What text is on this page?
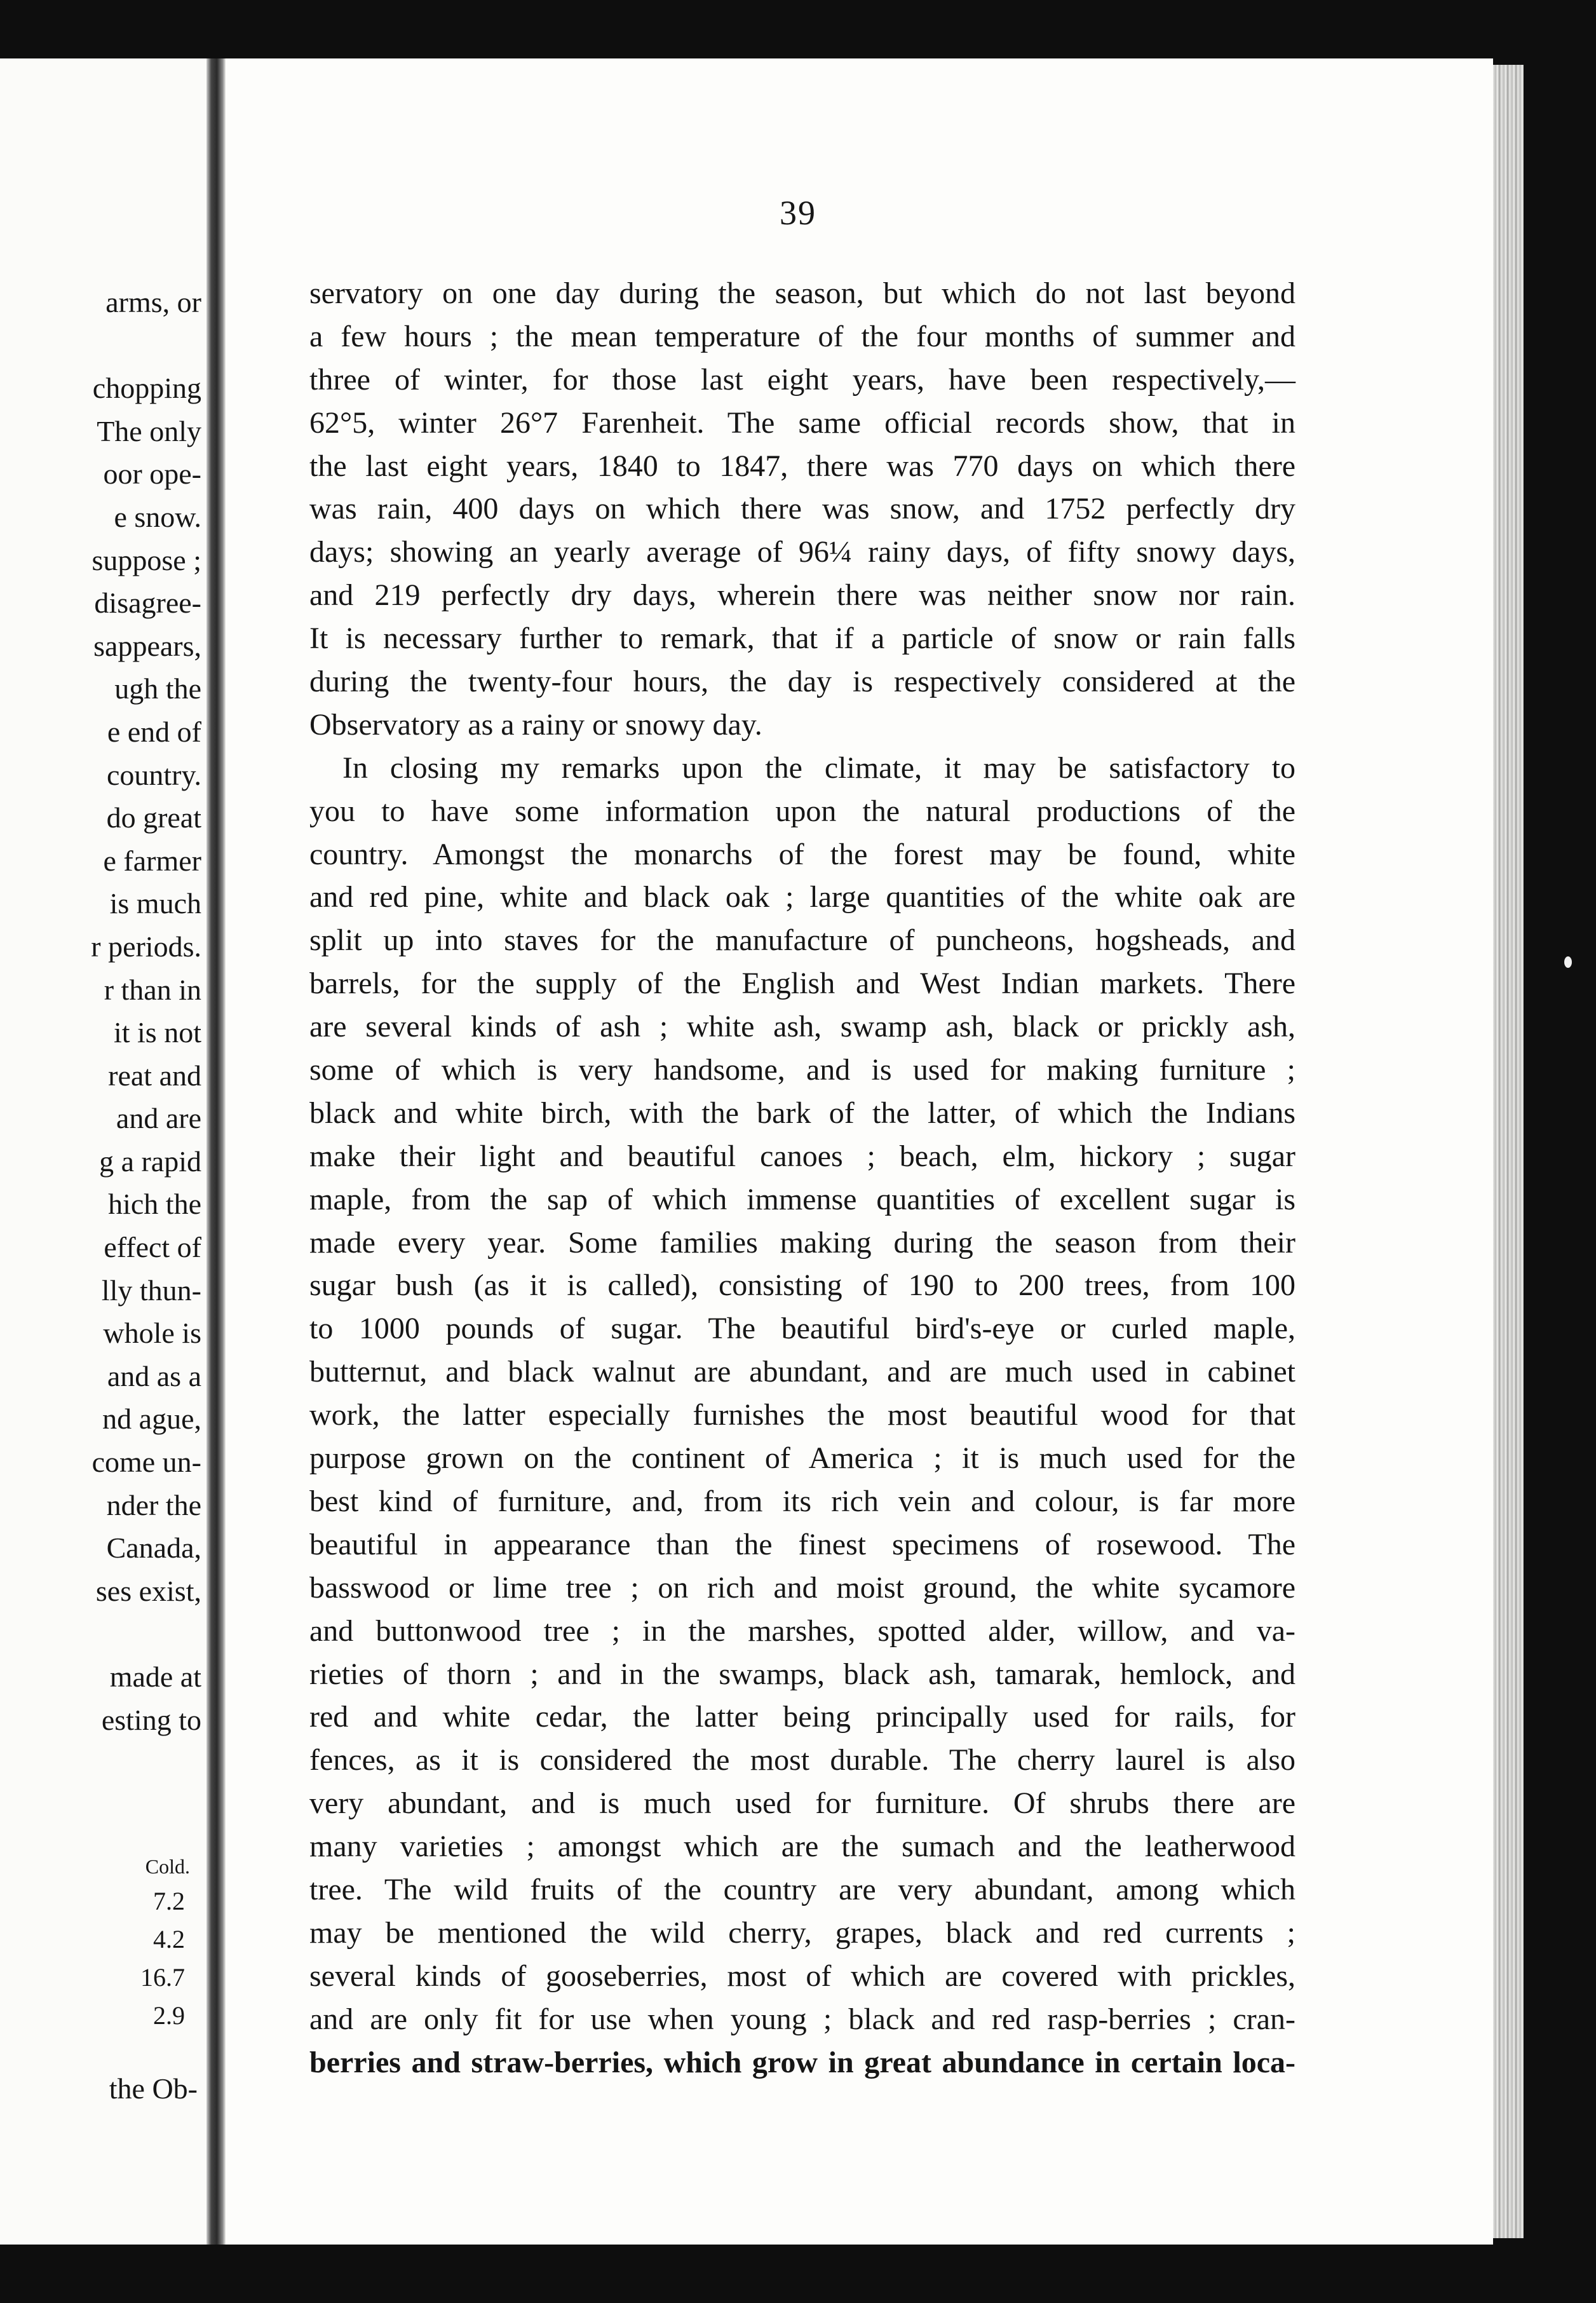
arms, or
chopping
The only
oor ope-
e snow.
suppose ;
disagree-
sappears,
ugh the
e end of
country.
do great
e farmer
is much
r periods.
r than in
it is not
reat and
and are
g a rapid
hich the
effect of
lly thun-
whole is
and as a
nd ague,
come un-
nder the
Canada,
ses exist,
made at
esting to
Cold.
7.2
4.2
16.7
2.9
the Ob-
39
servatory on one day during the season, but which do not last beyond
a few hours ; the mean temperature of the four months of summer and
three of winter, for those last eight years, have been respectively,—
62°5, winter 26°7 Farenheit. The same official records show, that in
the last eight years, 1840 to 1847, there was 770 days on which there
was rain, 400 days on which there was snow, and 1752 perfectly dry
days; showing an yearly average of 96¼ rainy days, of fifty snowy days,
and 219 perfectly dry days, wherein there was neither snow nor rain.
It is necessary further to remark, that if a particle of snow or rain falls
during the twenty-four hours, the day is respectively considered at the
Observatory as a rainy or snowy day.
In closing my remarks upon the climate, it may be satisfactory to
you to have some information upon the natural productions of the
country. Amongst the monarchs of the forest may be found, white
and red pine, white and black oak ; large quantities of the white oak are
split up into staves for the manufacture of puncheons, hogsheads, and
barrels, for the supply of the English and West Indian markets. There
are several kinds of ash ; white ash, swamp ash, black or prickly ash,
some of which is very handsome, and is used for making furniture ;
black and white birch, with the bark of the latter, of which the Indians
make their light and beautiful canoes ; beach, elm, hickory ; sugar
maple, from the sap of which immense quantities of excellent sugar is
made every year. Some families making during the season from their
sugar bush (as it is called), consisting of 190 to 200 trees, from 100
to 1000 pounds of sugar. The beautiful bird's-eye or curled maple,
butternut, and black walnut are abundant, and are much used in cabinet
work, the latter especially furnishes the most beautiful wood for that
purpose grown on the continent of America ; it is much used for the
best kind of furniture, and, from its rich vein and colour, is far more
beautiful in appearance than the finest specimens of rosewood. The
basswood or lime tree ; on rich and moist ground, the white sycamore
and buttonwood tree ; in the marshes, spotted alder, willow, and va-
rieties of thorn ; and in the swamps, black ash, tamarak, hemlock, and
red and white cedar, the latter being principally used for rails, for
fences, as it is considered the most durable. The cherry laurel is also
very abundant, and is much used for furniture. Of shrubs there are
many varieties ; amongst which are the sumach and the leatherwood
tree. The wild fruits of the country are very abundant, among which
may be mentioned the wild cherry, grapes, black and red currents ;
several kinds of gooseberries, most of which are covered with prickles,
and are only fit for use when young ; black and red rasp-berries ; cran-
berries and straw-berries, which grow in great abundance in certain loca-
